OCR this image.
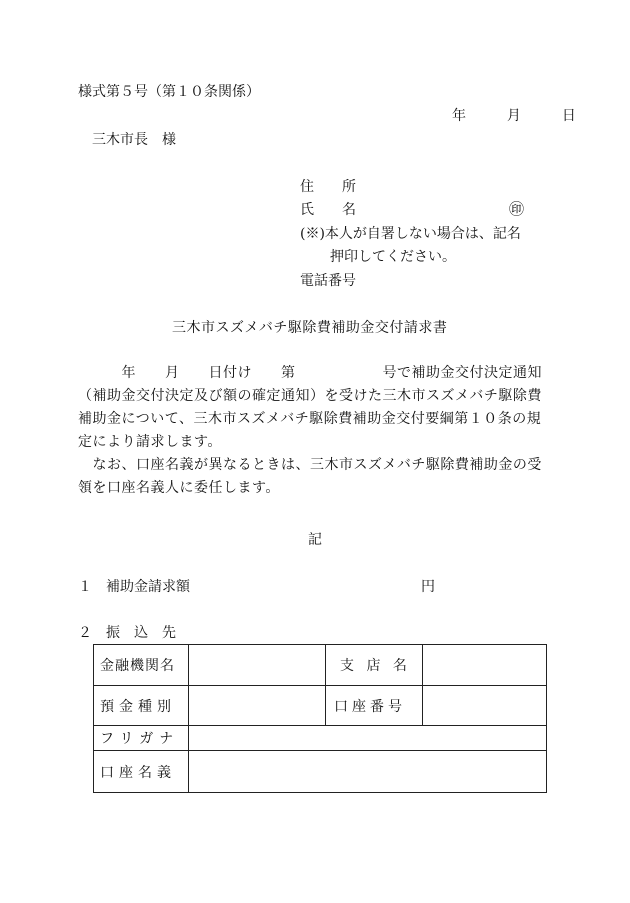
様式第５号（第１０条関係）
年	月	日
三木市長　様
住　　所
氏　　名	㊞
(※)本人が自署しない場合は、記名
押印してください。
電話番号
三木市スズメバチ駆除費補助金交付請求書

　　　年　　月　　日付け　　第　　　　　　号で補助金交付決定通知（補助金交付決定及び額の確定通知）を受けた三木市スズメバチ駆除費補助金について、三木市スズメバチ駆除費補助金交付要綱第１０条の規定により請求します。

　なお、口座名義が異なるときは、三木市スズメバチ駆除費補助金の受領を口座名義人に委任します。

記
１ 補助金請求額	円
２ 振　込　先
金融機関名		支 店 名	
預金種別		口座番号	
フリガナ			
口座名義			
